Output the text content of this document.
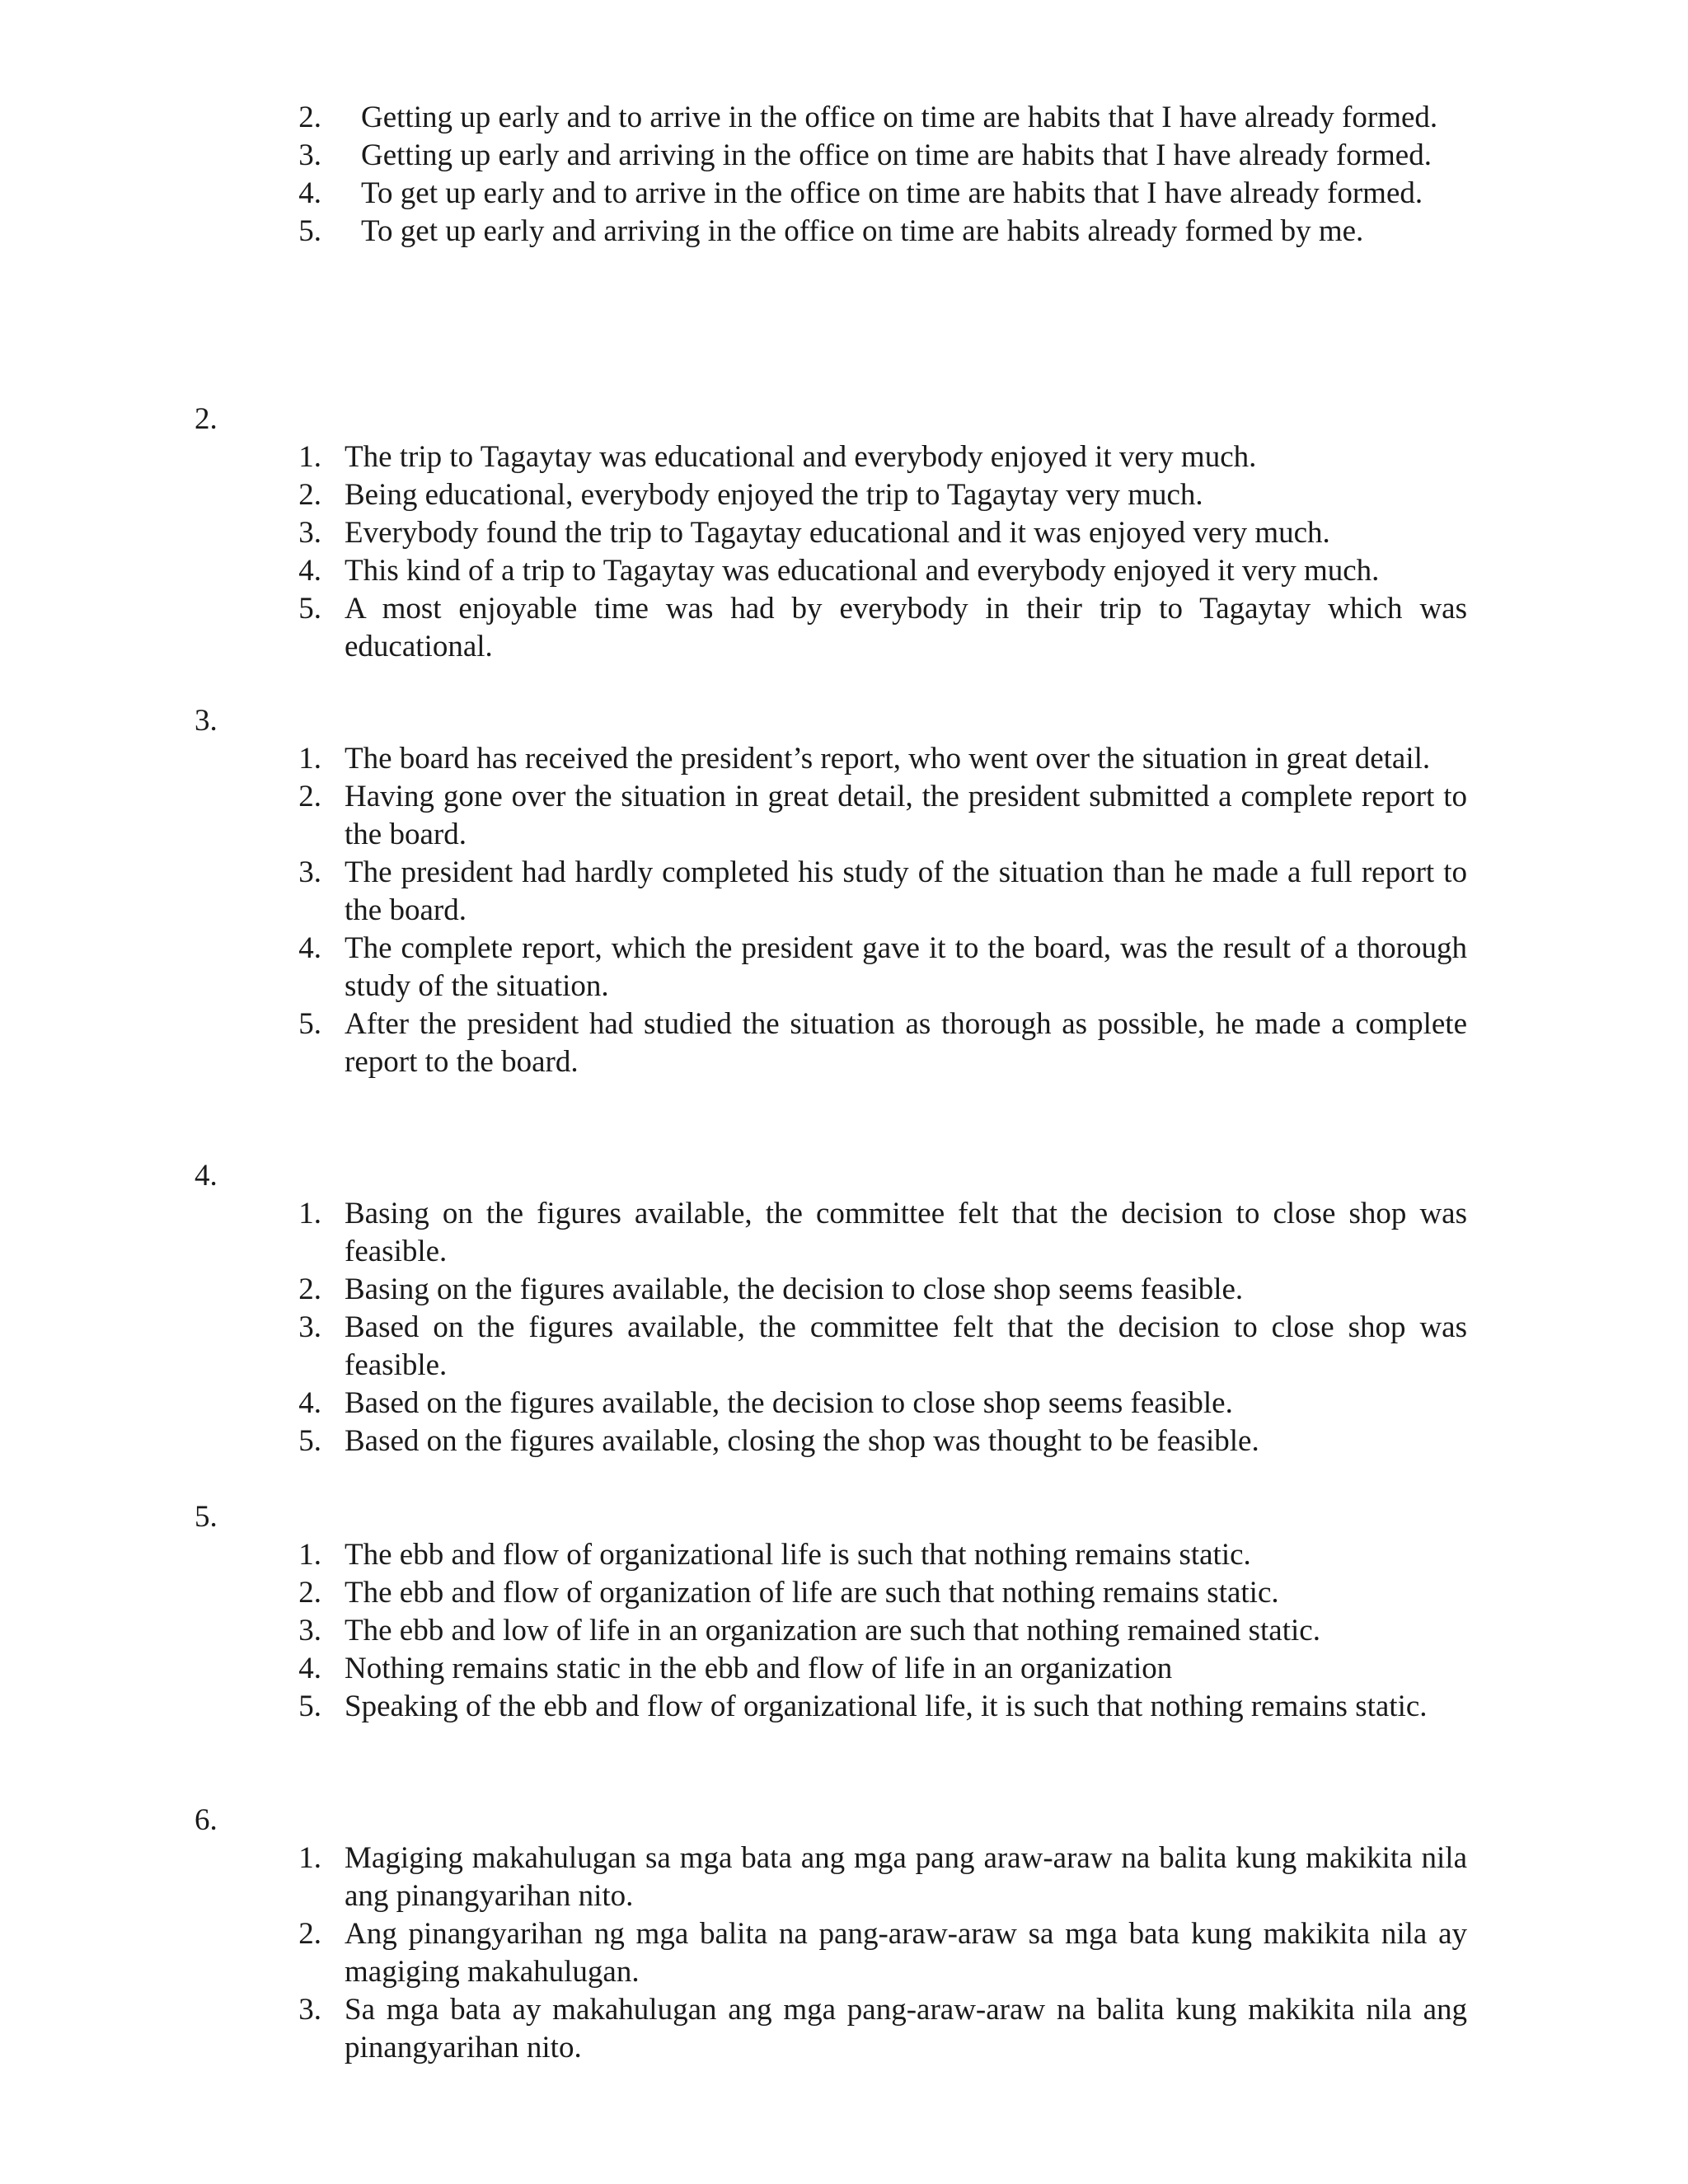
2. Getting up early and to arrive in the office on time are habits that I have already formed.
3. Getting up early and arriving in the office on time are habits that I have already formed.
4. To get up early and to arrive in the office on time are habits that I have already formed.
5. To get up early and arriving in the office on time are habits already formed by me.
2.
1. The trip to Tagaytay was educational and everybody enjoyed it very much.
2. Being educational, everybody enjoyed the trip to Tagaytay very much.
3. Everybody found the trip to Tagaytay educational and it was enjoyed very much.
4. This kind of a trip to Tagaytay was educational and everybody enjoyed it very much.
5. A most enjoyable time was had by everybody in their trip to Tagaytay which was educational.
3.
1. The board has received the president’s report, who went over the situation in great detail.
2. Having gone over the situation in great detail, the president submitted a complete report to the board.
3. The president had hardly completed his study of the situation than he made a full report to the board.
4. The complete report, which the president gave it to the board, was the result of a thorough study of the situation.
5. After the president had studied the situation as thorough as possible, he made a complete report to the board.
4.
1. Basing on the figures available, the committee felt that the decision to close shop was feasible.
2. Basing on the figures available, the decision to close shop seems feasible.
3. Based on the figures available, the committee felt that the decision to close shop was feasible.
4. Based on the figures available, the decision to close shop seems feasible.
5. Based on the figures available, closing the shop was thought to be feasible.
5.
1. The ebb and flow of organizational life is such that nothing remains static.
2. The ebb and flow of organization of life are such that nothing remains static.
3. The ebb and low of life in an organization are such that nothing remained static.
4. Nothing remains static in the ebb and flow of life in an organization
5. Speaking of the ebb and flow of organizational life, it is such that nothing remains static.
6.
1. Magiging makahulugan sa mga bata ang mga pang araw-araw na balita kung makikita nila ang pinangyarihan nito.
2. Ang pinangyarihan ng mga balita na pang-araw-araw sa mga bata kung makikita nila ay magiging makahulugan.
3. Sa mga bata ay makahulugan ang mga pang-araw-araw na balita kung makikita nila ang pinangyarihan nito.
